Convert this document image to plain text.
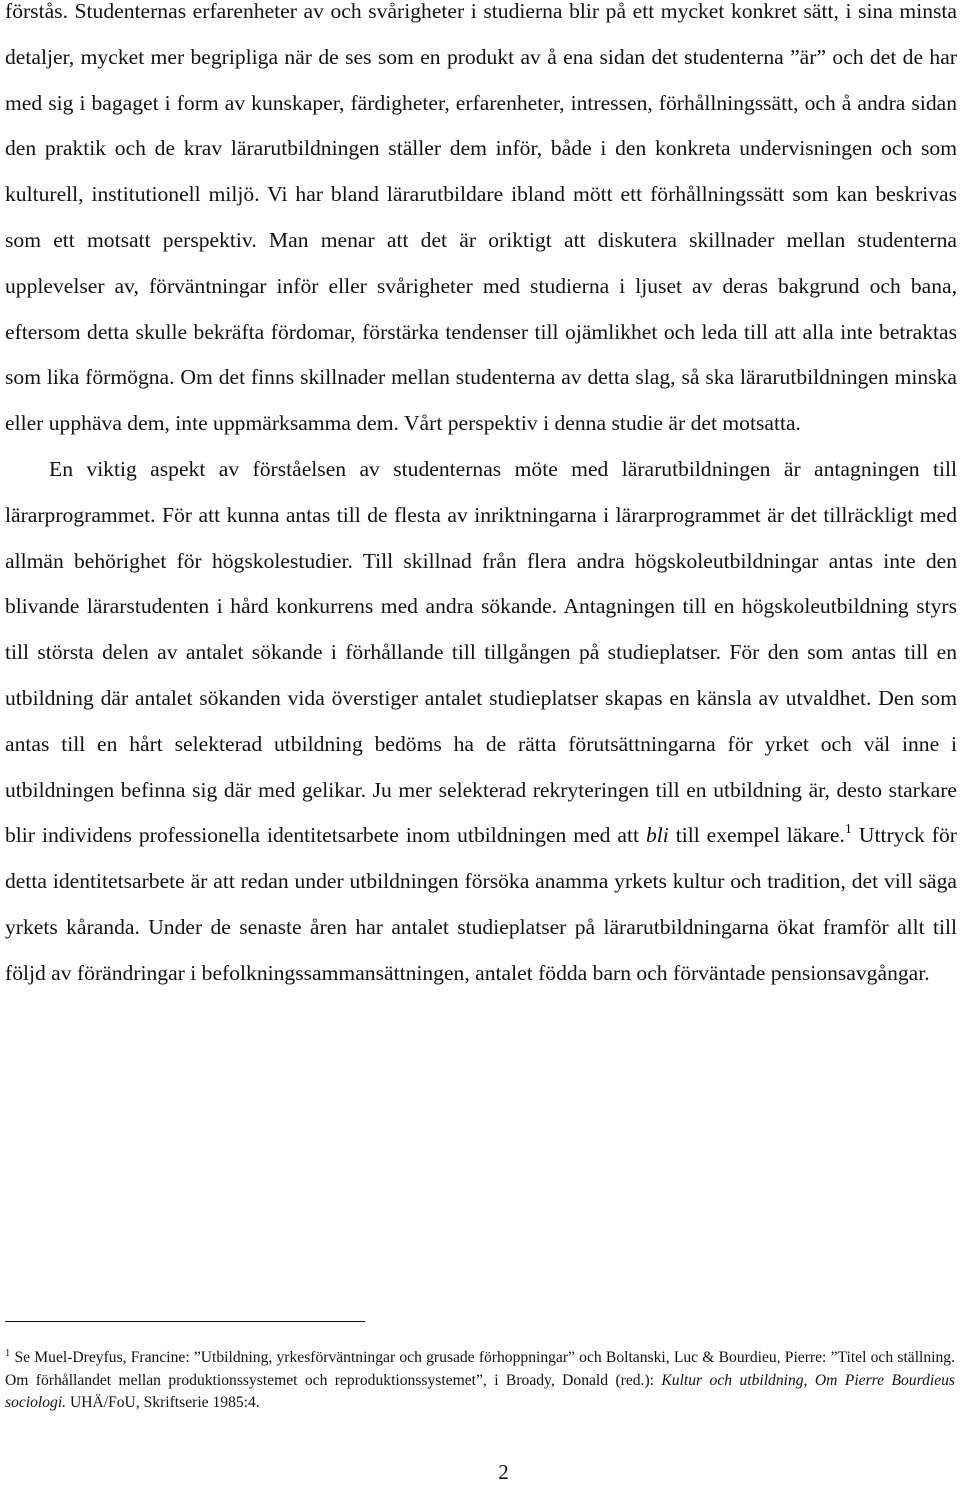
förstås. Studenternas erfarenheter av och svårigheter i studierna blir på ett mycket konkret sätt, i sina minsta detaljer, mycket mer begripliga när de ses som en produkt av å ena sidan det studenterna ”är” och det de har med sig i bagaget i form av kunskaper, färdigheter, erfarenheter, intressen, förhållningssätt, och å andra sidan den praktik och de krav lärarutbildningen ställer dem inför, både i den konkreta undervisningen och som kulturell, institutionell miljö. Vi har bland lärarutbildare ibland mött ett förhållningssätt som kan beskrivas som ett motsatt perspektiv. Man menar att det är oriktigt att diskutera skillnader mellan studenterna upplevelser av, förväntningar inför eller svårigheter med studierna i ljuset av deras bakgrund och bana, eftersom detta skulle bekräfta fördomar, förstärka tendenser till ojämlikhet och leda till att alla inte betraktas som lika förmögna. Om det finns skillnader mellan studenterna av detta slag, så ska lärarutbildningen minska eller upphäva dem, inte uppmärksamma dem. Vårt perspektiv i denna studie är det motsatta.

En viktig aspekt av förståelsen av studenternas möte med lärarutbildningen är antagningen till lärarprogrammet. För att kunna antas till de flesta av inriktningarna i lärarprogrammet är det tillräckligt med allmän behörighet för högskolestudier. Till skillnad från flera andra högskoleutbildningar antas inte den blivande lärarstudenten i hård konkurrens med andra sökande. Antagningen till en högskoleutbildning styrs till största delen av antalet sökande i förhållande till tillgången på studieplatser. För den som antas till en utbildning där antalet sökanden vida överstiger antalet studieplatser skapas en känsla av utvaldhet. Den som antas till en hårt selekterad utbildning bedöms ha de rätta förutsättningarna för yrket och väl inne i utbildningen befinna sig där med gelikar. Ju mer selekterad rekryteringen till en utbildning är, desto starkare blir individens professionella identitetsarbete inom utbildningen med att bli till exempel läkare.$^1$ Uttryck för detta identitetsarbete är att redan under utbildningen försöka anamma yrkets kultur och tradition, det vill säga yrkets kåranda. Under de senaste åren har antalet studieplatser på lärarutbildningarna ökat framför allt till följd av förändringar i befolkningssammansättningen, antalet födda barn och förväntade pensionsavgångar.

$^1$ Se Muel-Dreyfus, Francine: ”Utbildning, yrkesförväntningar och grusade förhoppningar” och Boltanski, Luc & Bourdieu, Pierre: ”Titel och ställning. Om förhållandet mellan produktionssystemet och reproduktionssystemet”, i Broady, Donald (red.): Kultur och utbildning, Om Pierre Bourdieus sociologi. UHÄ/FoU, Skriftserie 1985:4.

2
